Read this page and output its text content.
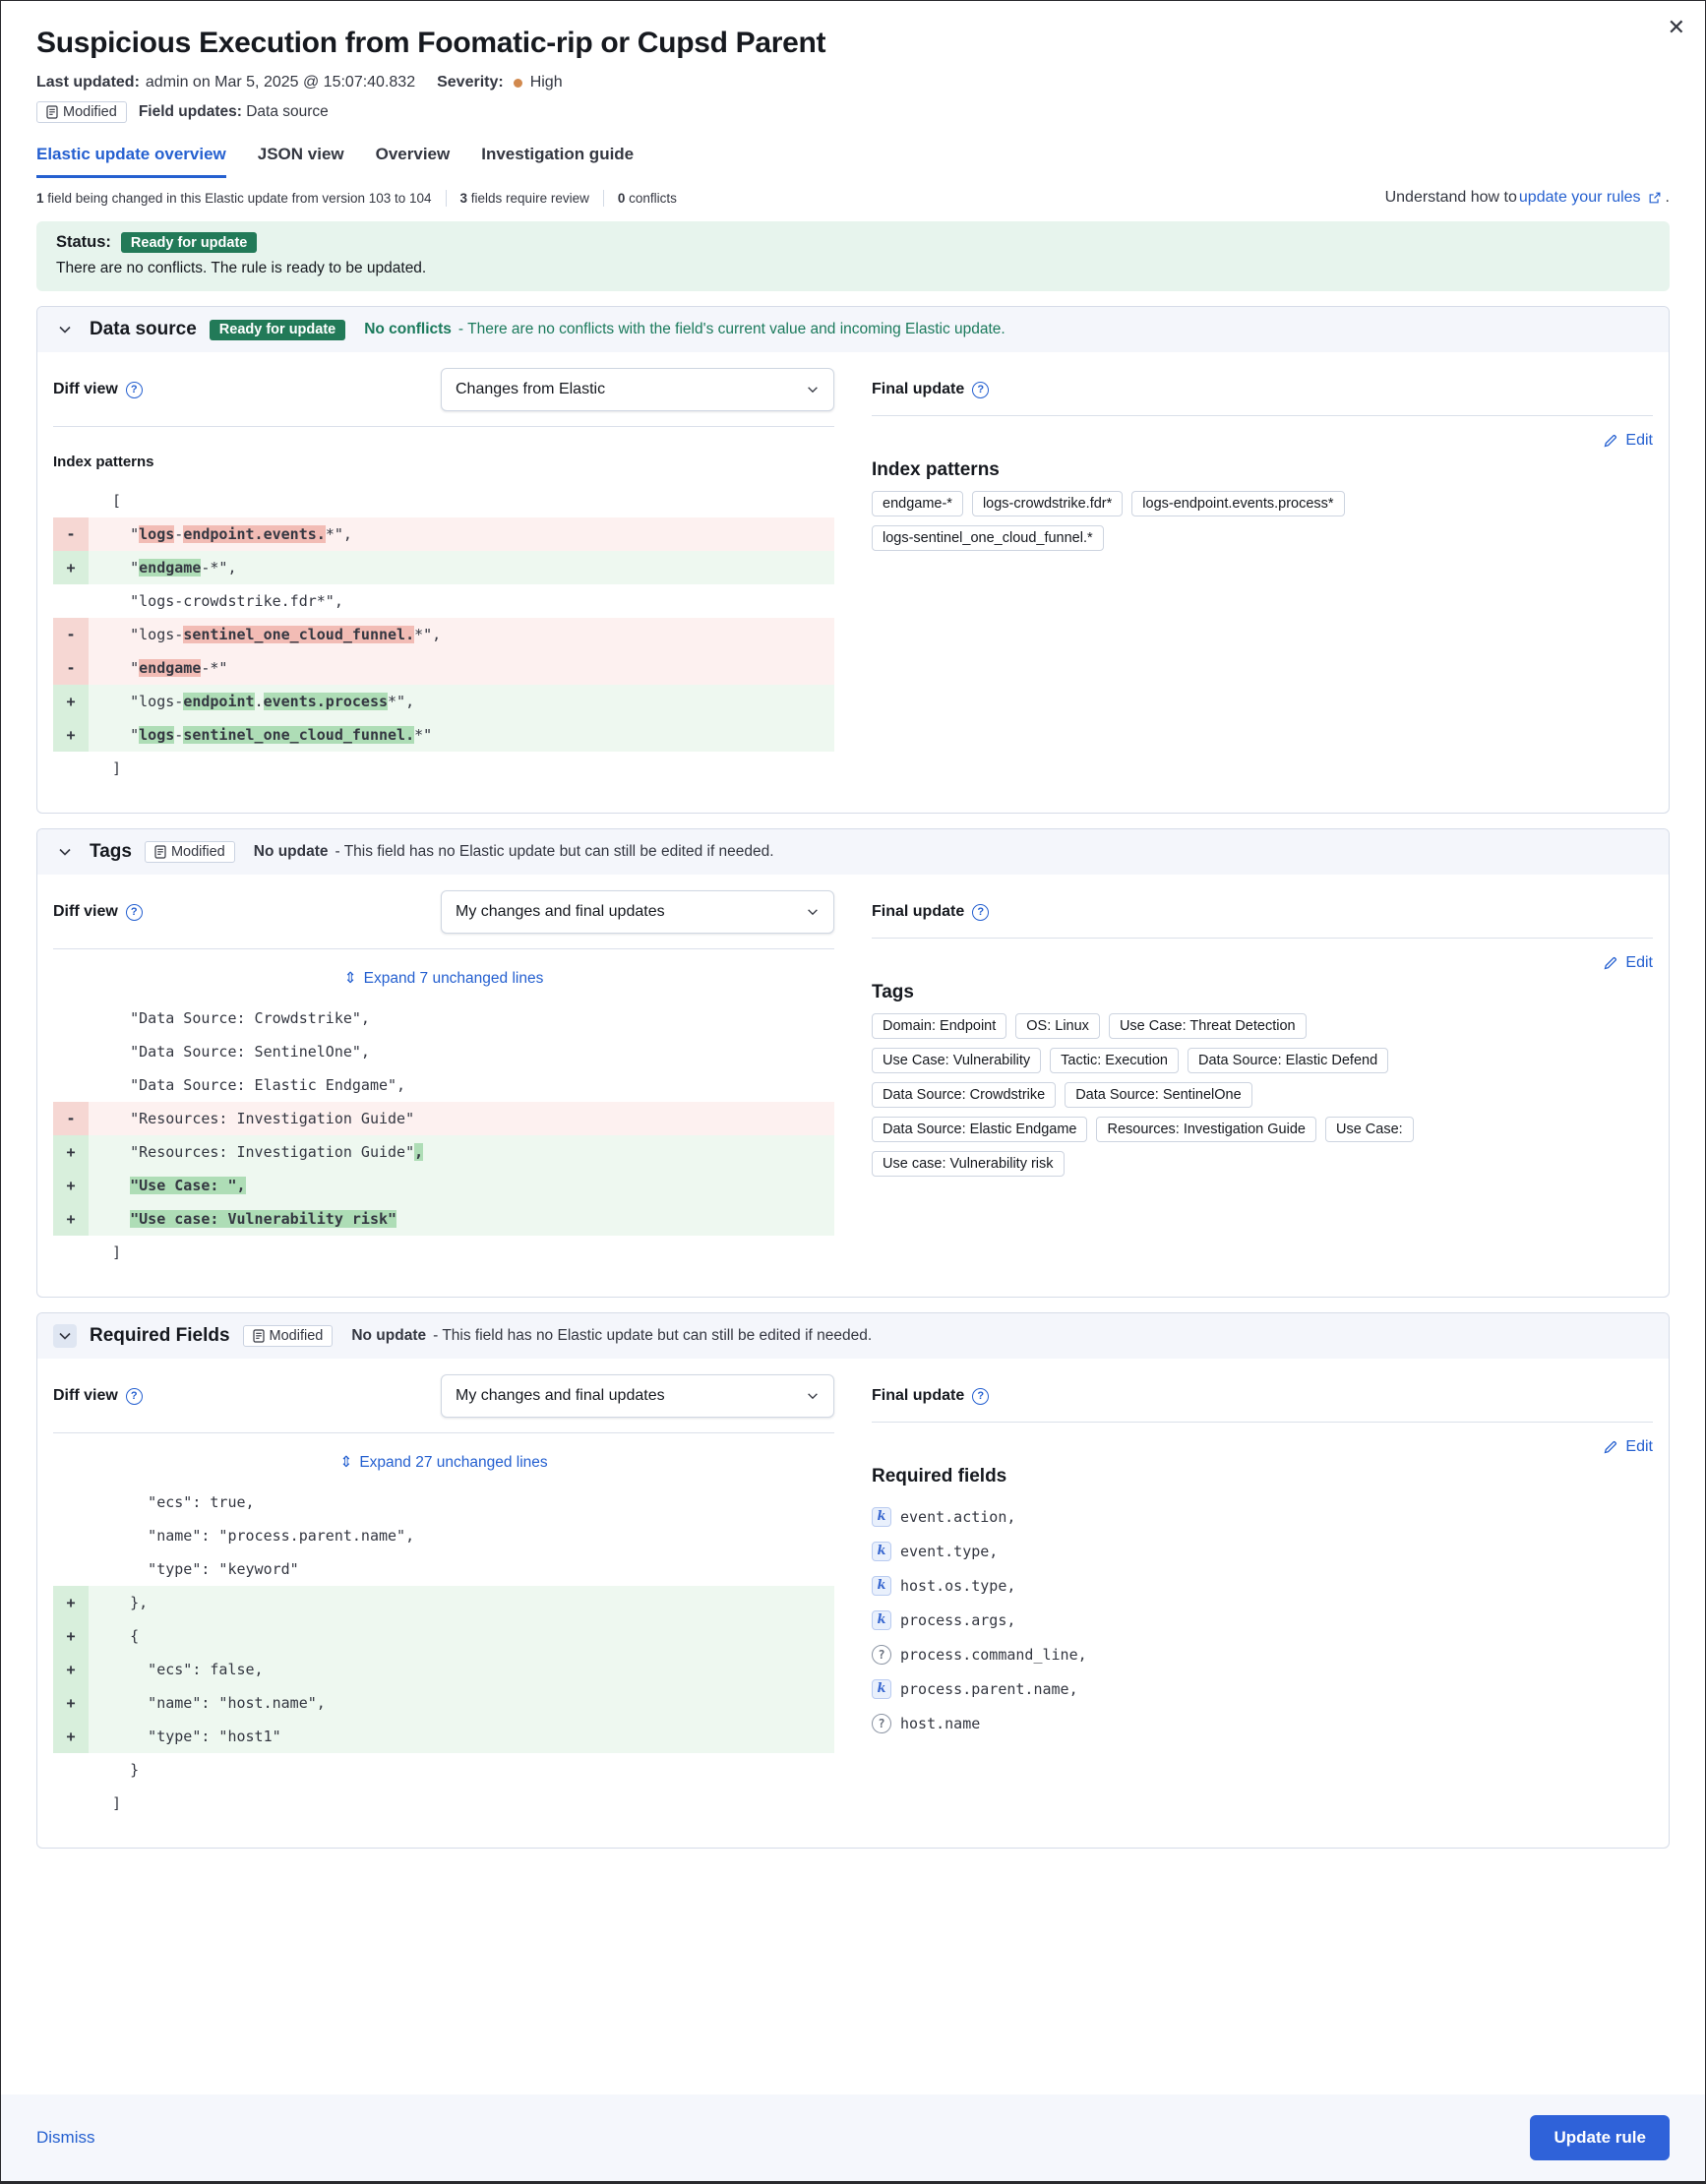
✕
Suspicious Execution from Foomatic-rip or Cupsd Parent
Last updated: admin on Mar 5, 2025 @ 15:07:40.832 Severity: High
Modified Field updates: Data source
Elastic update overview JSON view Overview Investigation guide
1 field being changed in this Elastic update from version 103 to 104 3 fields require review 0 conflicts	Understand how to update your rules .
Status:	Ready for update
There are no conflicts. The rule is ready to be updated.
Data source	Ready for update	No conflicts - There are no conflicts with the field's current value and incoming Elastic update.
Diff view	?	Changes from Elastic
Index patterns
[
-	"logs-endpoint.events.*",
+	"endgame-*",
"logs-crowdstrike.fdr*",
-	"logs-sentinel_one_cloud_funnel.*",
-	"endgame-*"
+	"logs-endpoint.events.process*",
+	"logs-sentinel_one_cloud_funnel.*"
]
Final update	?
Edit
Index patterns
endgame-*	logs-crowdstrike.fdr*	logs-endpoint.events.process*
logs-sentinel_one_cloud_funnel.*
Tags	Modified No update - This field has no Elastic update but can still be edited if needed.
Diff view	?	My changes and final updates
⇕ Expand 7 unchanged lines
"Data Source: Crowdstrike",
"Data Source: SentinelOne",
"Data Source: Elastic Endgame",
-	"Resources: Investigation Guide"
+	"Resources: Investigation Guide",
+	"Use Case: ",
+	"Use case: Vulnerability risk"
]
Final update	?
Edit
Tags
Domain: Endpoint	OS: Linux	Use Case: Threat Detection
Use Case: Vulnerability	Tactic: Execution	Data Source: Elastic Defend
Data Source: Crowdstrike	Data Source: SentinelOne
Data Source: Elastic Endgame	Resources: Investigation Guide	Use Case:
Use case: Vulnerability risk
Required Fields	Modified No update - This field has no Elastic update but can still be edited if needed.
Diff view	?	My changes and final updates
⇕ Expand 27 unchanged lines
"ecs": true,
"name": "process.parent.name",
"type": "keyword"
+	},
+	{
+	"ecs": false,
+	"name": "host.name",
+	"type": "host1"
}
]
Final update	?
Edit
Required fields
k event.action,
k event.type,
k host.os.type,
k process.args,
?	process.command_line,
k process.parent.name,
?	host.name
Dismiss	Update rule
